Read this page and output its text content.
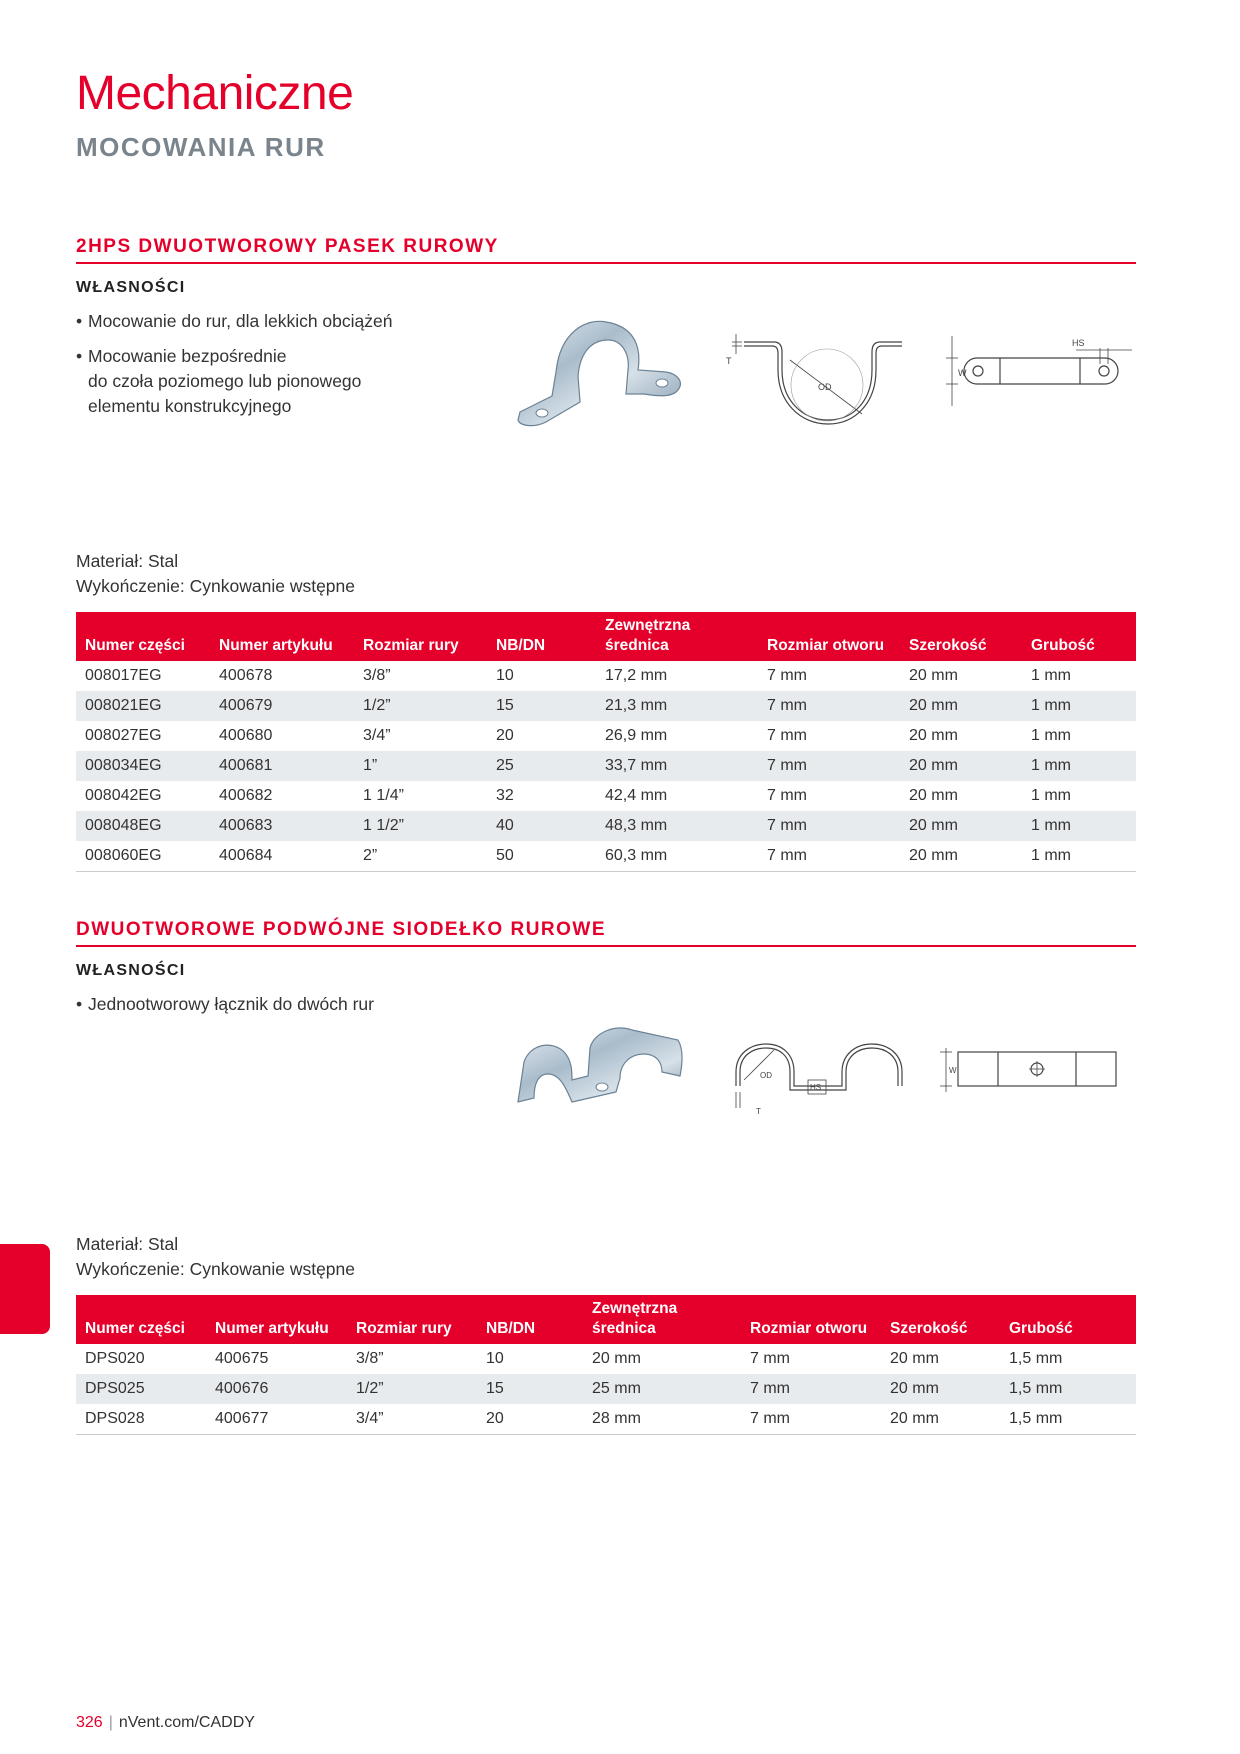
Mechaniczne
MOCOWANIA RUR
2HPS DWUOTWOROWY PASEK RUROWY
WŁASNOŚCI
• Mocowanie do rur, dla lekkich obciążeń
• Mocowanie bezpośrednie
do czoła poziomego lub pionowego
elementu konstrukcyjnego
T
OD
W
HS
Materiał: Stal
Wykończenie: Cynkowanie wstępne
Numer części	Numer artykułu	Rozmiar rury	NB/DN	Zewnętrzna
średnica	Rozmiar otworu	Szerokość	Grubość
008017EG	400678	3/8”	10	17,2 mm	7 mm	20 mm	1 mm
008021EG	400679	1/2”	15	21,3 mm	7 mm	20 mm	1 mm
008027EG	400680	3/4”	20	26,9 mm	7 mm	20 mm	1 mm
008034EG	400681	1”	25	33,7 mm	7 mm	20 mm	1 mm
008042EG	400682	1 1/4”	32	42,4 mm	7 mm	20 mm	1 mm
008048EG	400683	1 1/2”	40	48,3 mm	7 mm	20 mm	1 mm
008060EG	400684	2”	50	60,3 mm	7 mm	20 mm	1 mm
DWUOTWOROWE PODWÓJNE SIODEŁKO RUROWE
WŁASNOŚCI
• Jednootworowy łącznik do dwóch rur
OD
HS
T
W
Materiał: Stal
Wykończenie: Cynkowanie wstępne
Numer części	Numer artykułu	Rozmiar rury	NB/DN	Zewnętrzna
średnica	Rozmiar otworu	Szerokość	Grubość
DPS020	400675	3/8”	10	20 mm	7 mm	20 mm	1,5 mm
DPS025	400676	1/2”	15	25 mm	7 mm	20 mm	1,5 mm
DPS028	400677	3/4”	20	28 mm	7 mm	20 mm	1,5 mm
326 | nVent.com/CADDY
